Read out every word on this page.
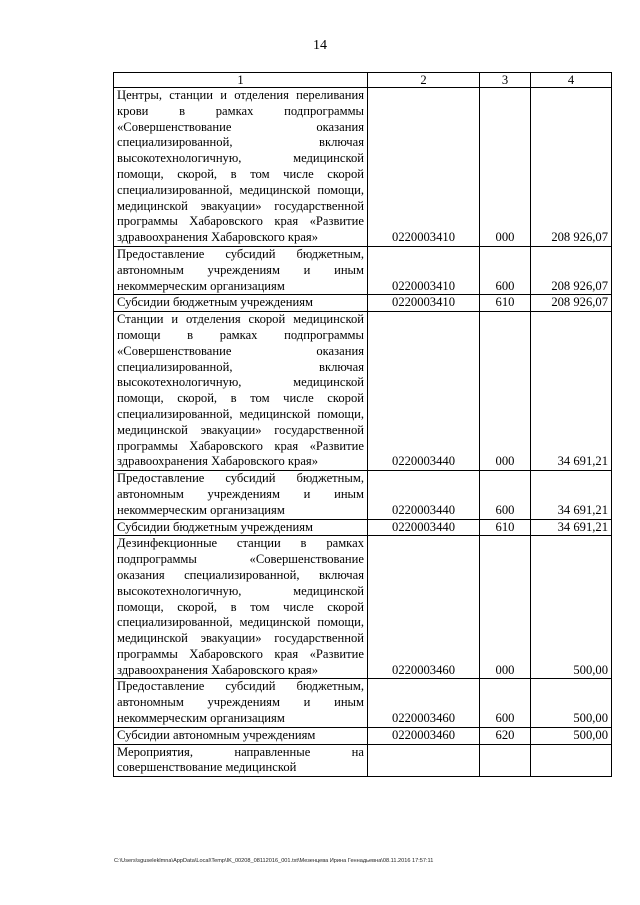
14
1	2	3	4
Центры, станции и отделения переливания крови в рамках подпрограммы «Совершенствование оказания специализированной, включая высокотехнологичную, медицинской помощи, скорой, в том числе скорой специализированной, медицинской помощи, медицинской эвакуации» государственной программы Хабаровского края «Развитие здравоохранения Хабаровского края»	0220003410	000	208 926,07
Предоставление субсидий бюджетным, автономным учреждениям и иным некоммерческим организациям	0220003410	600	208 926,07
Субсидии бюджетным учреждениям	0220003410	610	208 926,07
Станции и отделения скорой медицинской помощи в рамках подпрограммы «Совершенствование оказания специализированной, включая высокотехнологичную, медицинской помощи, скорой, в том числе скорой специализированной, медицинской помощи, медицинской эвакуации» государственной программы Хабаровского края «Развитие здравоохранения Хабаровского края»	0220003440	000	34 691,21
Предоставление субсидий бюджетным, автономным учреждениям и иным некоммерческим организациям	0220003440	600	34 691,21
Субсидии бюджетным учреждениям	0220003440	610	34 691,21
Дезинфекционные станции в рамках подпрограммы «Совершенствование оказания специализированной, включая высокотехнологичную, медицинской помощи, скорой, в том числе скорой специализированной, медицинской помощи, медицинской эвакуации» государственной программы Хабаровского края «Развитие здравоохранения Хабаровского края»	0220003460	000	500,00
Предоставление субсидий бюджетным, автономным учреждениям и иным некоммерческим организациям	0220003460	600	500,00
Субсидии автономным учреждениям	0220003460	620	500,00
Мероприятия, направленные на совершенствование медицинской			
C:\Users\sguseleklmna\AppData\Local\Temp\IK_00208_08112016_001.txt\Мезенцева Ирина Геннадьевна\08.11.2016 17:57:11
